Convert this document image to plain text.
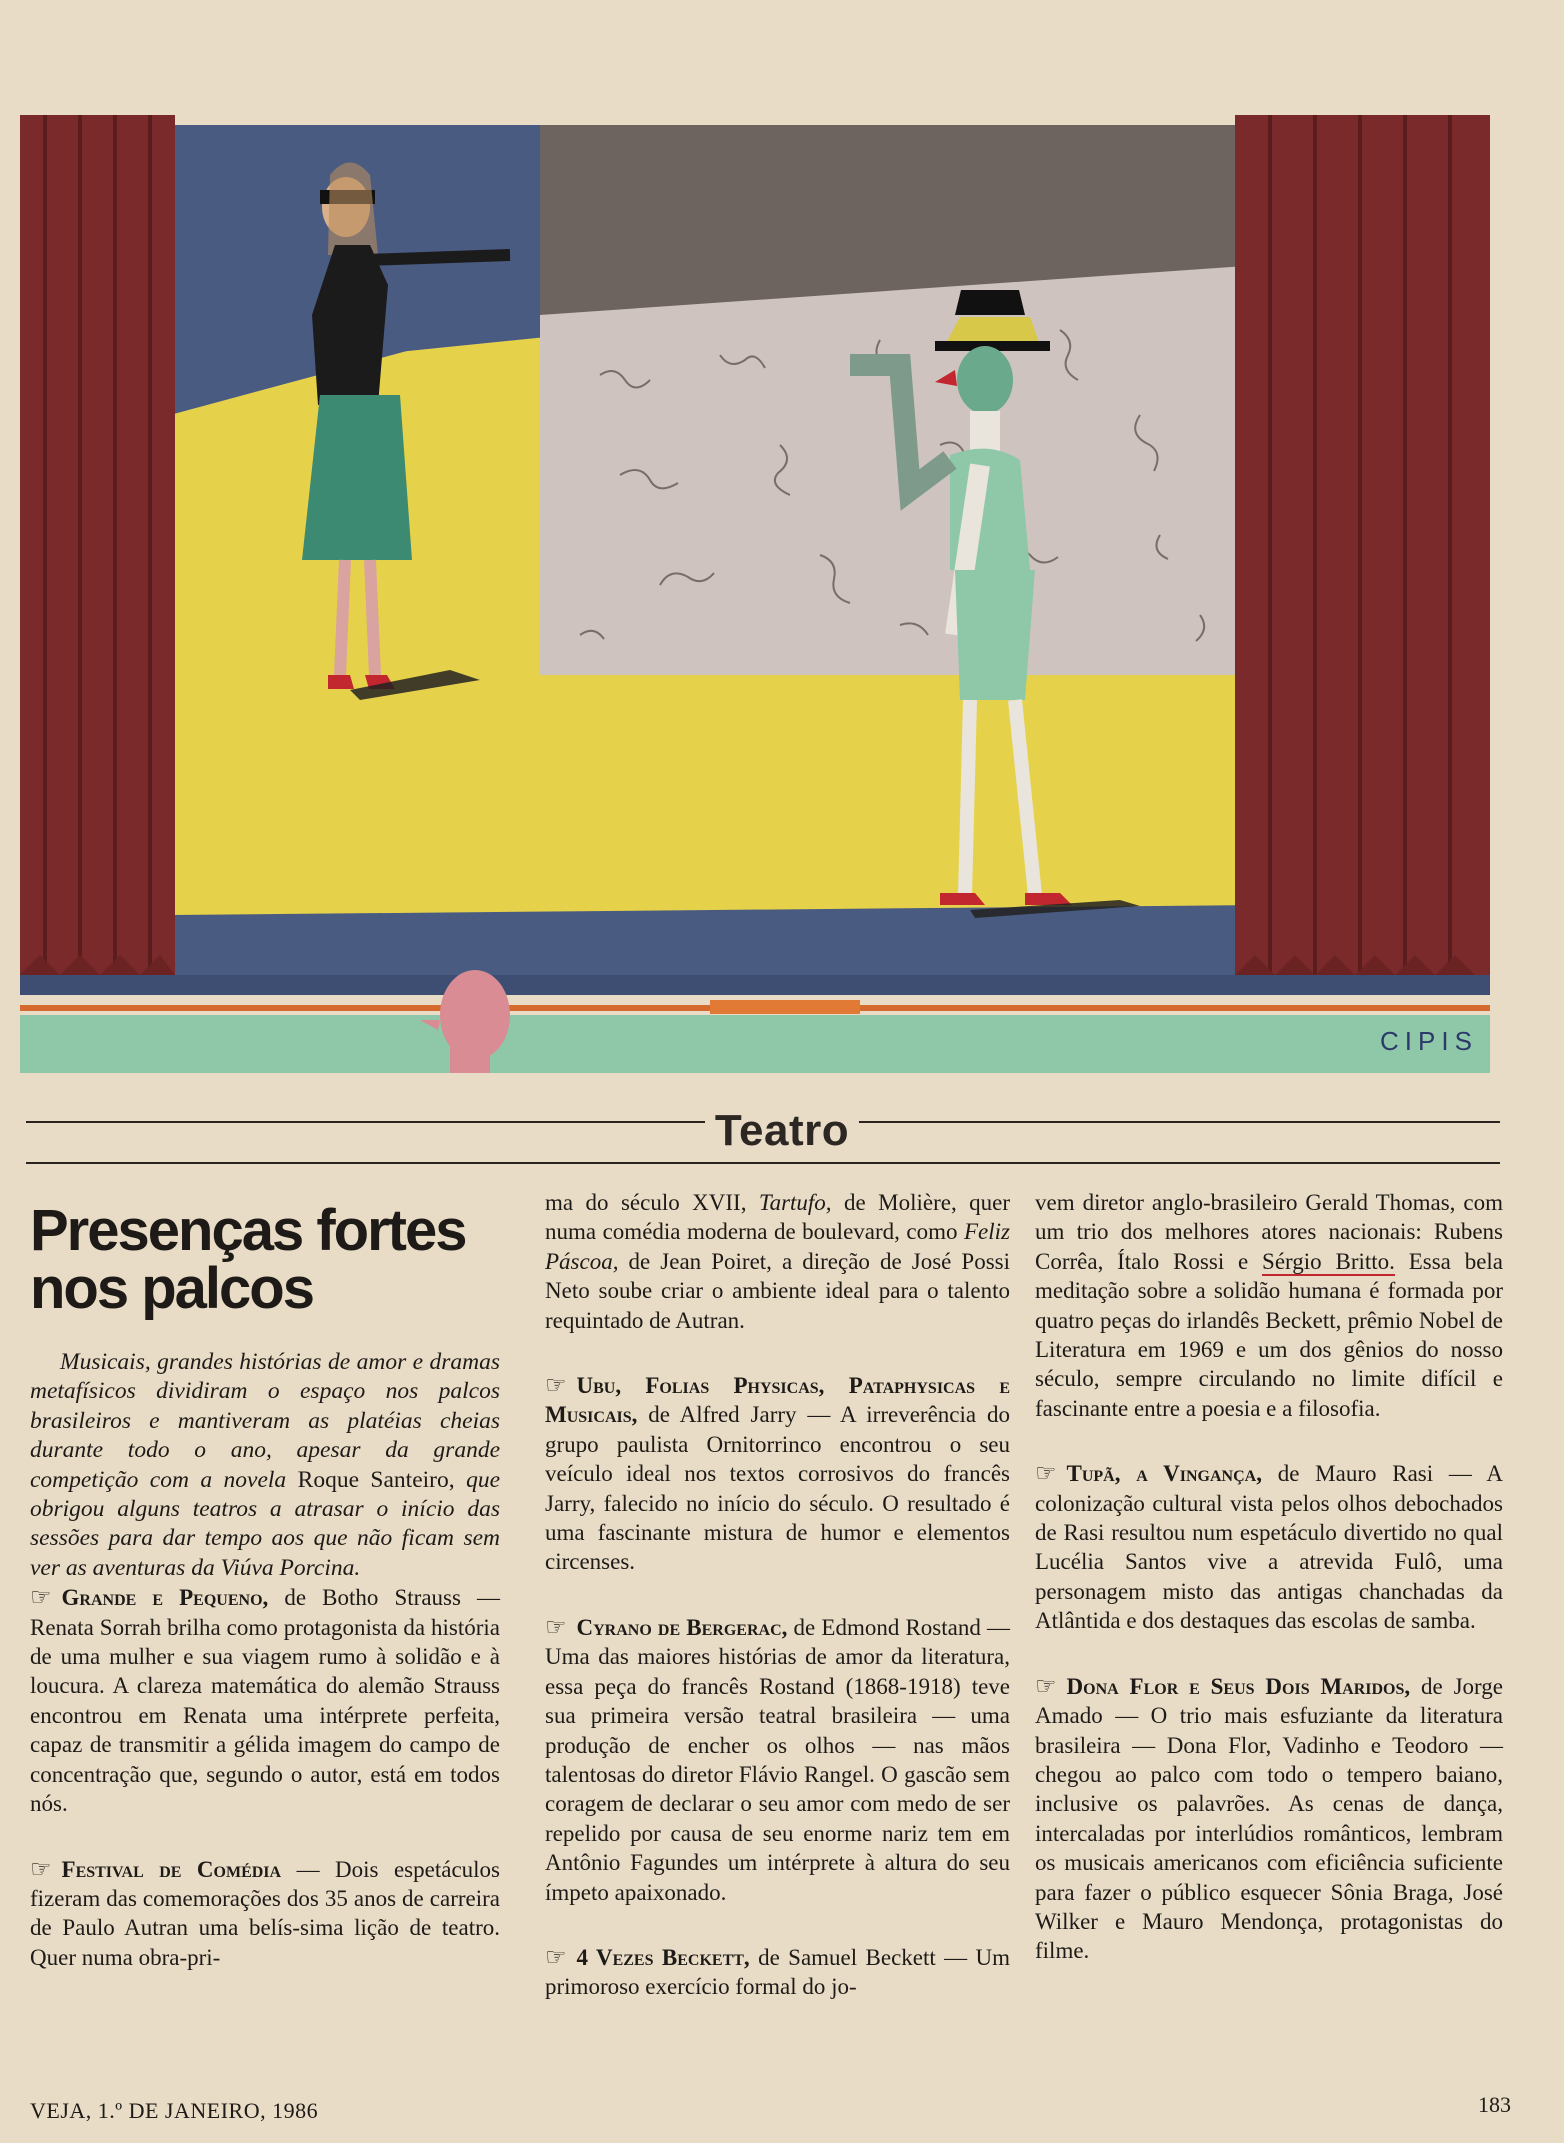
CIPIS
Teatro
Presenças fortes nos palcos

Musicais, grandes histórias de amor e dramas metafísicos dividiram o espaço nos palcos brasileiros e mantiveram as platéias cheias durante todo o ano, apesar da grande competição com a novela Roque Santeiro, que obrigou alguns teatros a atrasar o início das sessões para dar tempo aos que não ficam sem ver as aventuras da Viúva Porcina.

☞ Grande e Pequeno, de Botho Strauss — Renata Sorrah brilha como protagonista da história de uma mulher e sua viagem rumo à solidão e à loucura. A clareza matemática do alemão Strauss encontrou em Renata uma intérprete perfeita, capaz de transmitir a gélida imagem do campo de concentração que, segundo o autor, está em todos nós.

☞ Festival de Comédia — Dois espetáculos fizeram das comemorações dos 35 anos de carreira de Paulo Autran uma belís-sima lição de teatro. Quer numa obra-pri-

ma do século XVII, Tartufo, de Molière, quer numa comédia moderna de boulevard, como Feliz Páscoa, de Jean Poiret, a direção de José Possi Neto soube criar o ambiente ideal para o talento requintado de Autran.

☞ Ubu, Folias Physicas, Pataphysicas e Musicais, de Alfred Jarry — A irreverência do grupo paulista Ornitorrinco encontrou o seu veículo ideal nos textos corrosivos do francês Jarry, falecido no início do século. O resultado é uma fascinante mistura de humor e elementos circenses.

☞ Cyrano de Bergerac, de Edmond Rostand — Uma das maiores histórias de amor da literatura, essa peça do francês Rostand (1868-1918) teve sua primeira versão teatral brasileira — uma produção de encher os olhos — nas mãos talentosas do diretor Flávio Rangel. O gascão sem coragem de declarar o seu amor com medo de ser repelido por causa de seu enorme nariz tem em Antônio Fagundes um intérprete à altura do seu ímpeto apaixonado.

☞ 4 Vezes Beckett, de Samuel Beckett — Um primoroso exercício formal do jo-

vem diretor anglo-brasileiro Gerald Thomas, com um trio dos melhores atores nacionais: Rubens Corrêa, Ítalo Rossi e Sérgio Britto. Essa bela meditação sobre a solidão humana é formada por quatro peças do irlandês Beckett, prêmio Nobel de Literatura em 1969 e um dos gênios do nosso século, sempre circulando no limite difícil e fascinante entre a poesia e a filosofia.

☞ Tupã, a Vingança, de Mauro Rasi — A colonização cultural vista pelos olhos debochados de Rasi resultou num espetáculo divertido no qual Lucélia Santos vive a atrevida Fulô, uma personagem misto das antigas chanchadas da Atlântida e dos destaques das escolas de samba.

☞ Dona Flor e Seus Dois Maridos, de Jorge Amado — O trio mais esfuziante da literatura brasileira — Dona Flor, Vadinho e Teodoro — chegou ao palco com todo o tempero baiano, inclusive os palavrões. As cenas de dança, intercaladas por interlúdios românticos, lembram os musicais americanos com eficiência suficiente para fazer o público esquecer Sônia Braga, José Wilker e Mauro Mendonça, protagonistas do filme.

VEJA, 1.º DE JANEIRO, 1986	183
